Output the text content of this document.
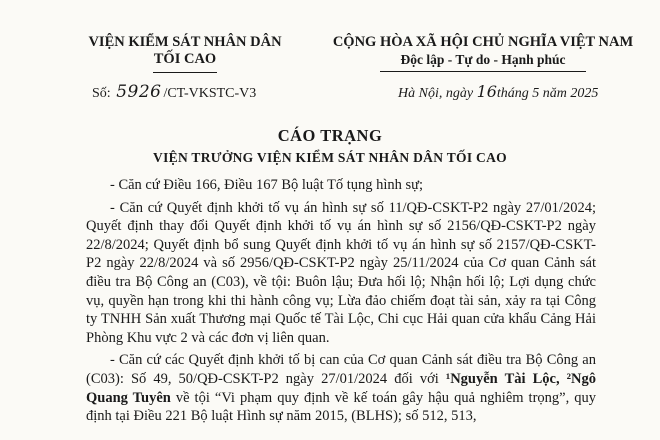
VIỆN KIỂM SÁT NHÂN DÂN
TỐI CAO
CỘNG HÒA XÃ HỘI CHỦ NGHĨA VIỆT NAM
Độc lập - Tự do - Hạnh phúc
Số: 5926 /CT-VKSTC-V3	Hà Nội, ngày 16tháng 5 năm 2025
CÁO TRẠNG
VIỆN TRƯỞNG VIỆN KIỂM SÁT NHÂN DÂN TỐI CAO

- Căn cứ Điều 166, Điều 167 Bộ luật Tố tụng hình sự;

- Căn cứ Quyết định khởi tố vụ án hình sự số 11/QĐ-CSKT-P2 ngày 27/01/2024; Quyết định thay đổi Quyết định khởi tố vụ án hình sự số 2156/QĐ-CSKT-P2 ngày 22/8/2024; Quyết định bổ sung Quyết định khởi tố vụ án hình sự số 2157/QĐ-CSKT-P2 ngày 22/8/2024 và số 2956/QĐ-CSKT-P2 ngày 25/11/2024 của Cơ quan Cảnh sát điều tra Bộ Công an (C03), về tội: Buôn lậu; Đưa hối lộ; Nhận hối lộ; Lợi dụng chức vụ, quyền hạn trong khi thi hành công vụ; Lừa đảo chiếm đoạt tài sản, xảy ra tại Công ty TNHH Sản xuất Thương mại Quốc tế Tài Lộc, Chi cục Hải quan cửa khẩu Cảng Hải Phòng Khu vực 2 và các đơn vị liên quan.

- Căn cứ các Quyết định khởi tố bị can của Cơ quan Cảnh sát điều tra Bộ Công an (C03): Số 49, 50/QĐ-CSKT-P2 ngày 27/01/2024 đối với ¹Nguyễn Tài Lộc, ²Ngô Quang Tuyên về tội “Vi phạm quy định về kế toán gây hậu quả nghiêm trọng”, quy định tại Điều 221 Bộ luật Hình sự năm 2015, (BLHS); số 512, 513,
